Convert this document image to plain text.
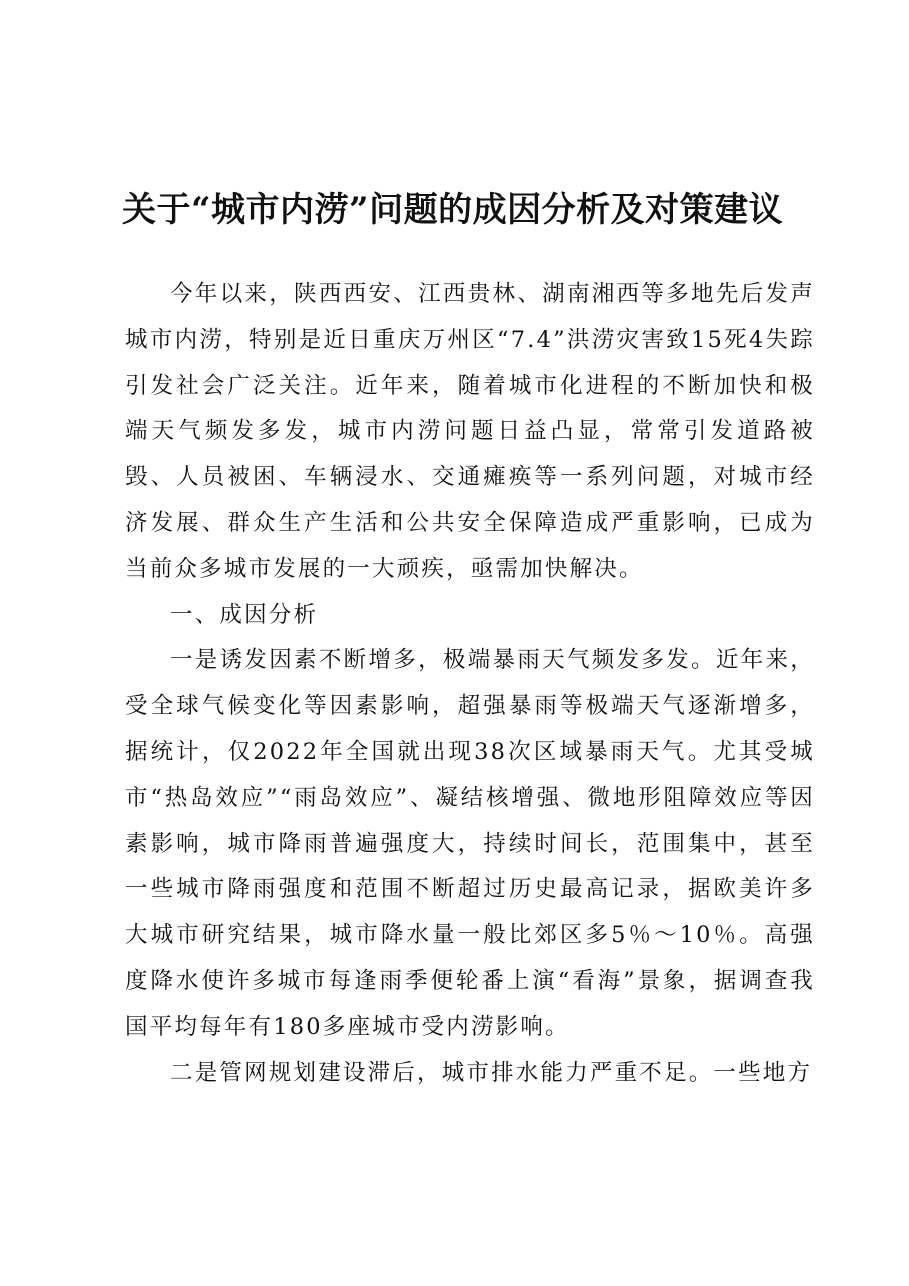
关于“城市内涝”问题的成因分析及对策建议

今年以来，陕西西安、江西贵林、湖南湘西等多地先后发声城市内涝，特别是近日重庆万州区“7.4”洪涝灾害致15死4失踪引发社会广泛关注。近年来，随着城市化进程的不断加快和极端天气频发多发，城市内涝问题日益凸显，常常引发道路被毁、人员被困、车辆浸水、交通瘫痪等一系列问题，对城市经济发展、群众生产生活和公共安全保障造成严重影响，已成为当前众多城市发展的一大顽疾，亟需加快解决。

一、成因分析

一是诱发因素不断增多，极端暴雨天气频发多发。近年来，受全球气候变化等因素影响，超强暴雨等极端天气逐渐增多，据统计，仅2022年全国就出现38次区域暴雨天气。尤其受城市“热岛效应”“雨岛效应”、凝结核增强、微地形阻障效应等因素影响，城市降雨普遍强度大，持续时间长，范围集中，甚至一些城市降雨强度和范围不断超过历史最高记录，据欧美许多大城市研究结果，城市降水量一般比郊区多5％～10％。高强度降水使许多城市每逢雨季便轮番上演“看海”景象，据调查我国平均每年有180多座城市受内涝影响。

二是管网规划建设滞后，城市排水能力严重不足。一些地方
